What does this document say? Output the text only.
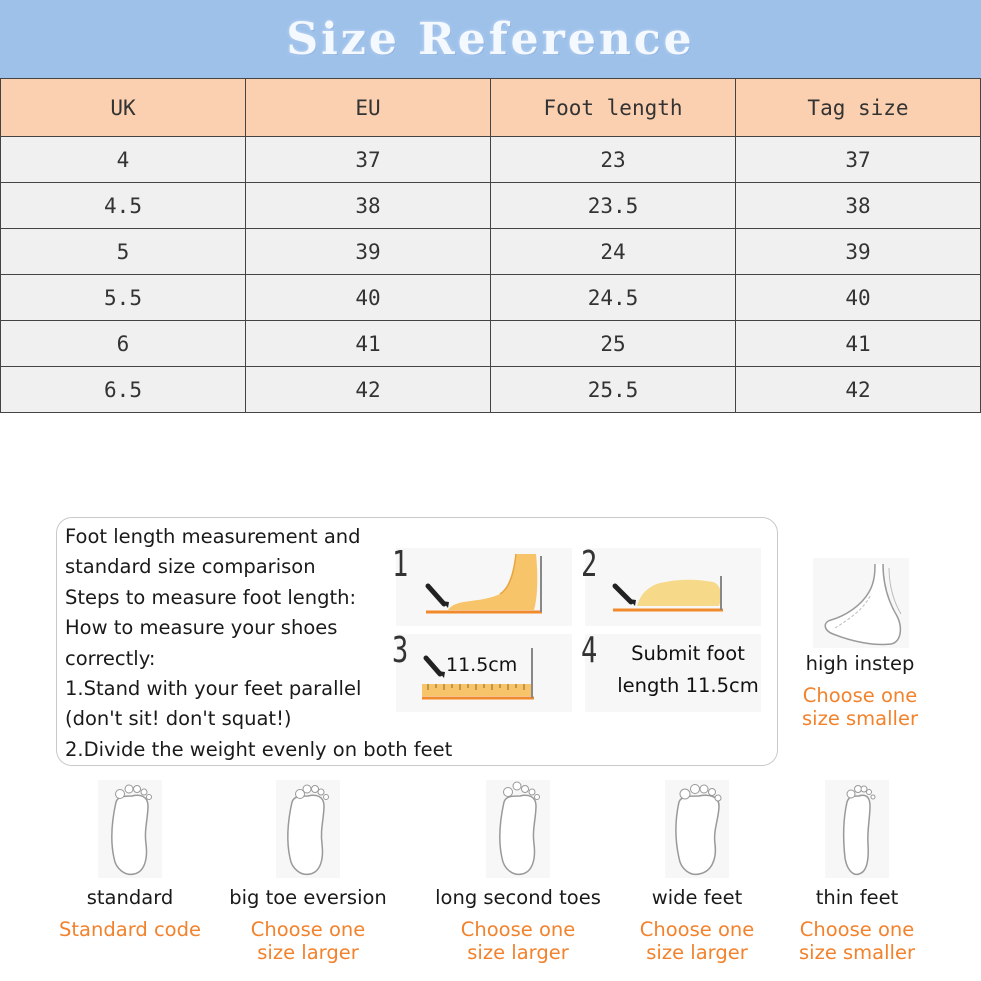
Size Reference
UK	EU	Foot length	Tag size
4	37	23	37
4.5	38	23.5	38
5	39	24	39
5.5	40	24.5	40
6	41	25	41
6.5	42	25.5	42
Foot length measurement and
standard size comparison
Steps to measure foot length:
How to measure your shoes
correctly:
1.Stand with your feet parallel
(don't sit! don't squat!)
2.Divide the weight evenly on both feet
1	2
3 11.5cm 4	Submit foot
length 11.5cm
high instep
Choose one
size smaller
standard
Standard code
big toe eversion
Choose one
size larger
long second toes
Choose one
size larger
wide feet
Choose one
size larger
thin feet
Choose one
size smaller
